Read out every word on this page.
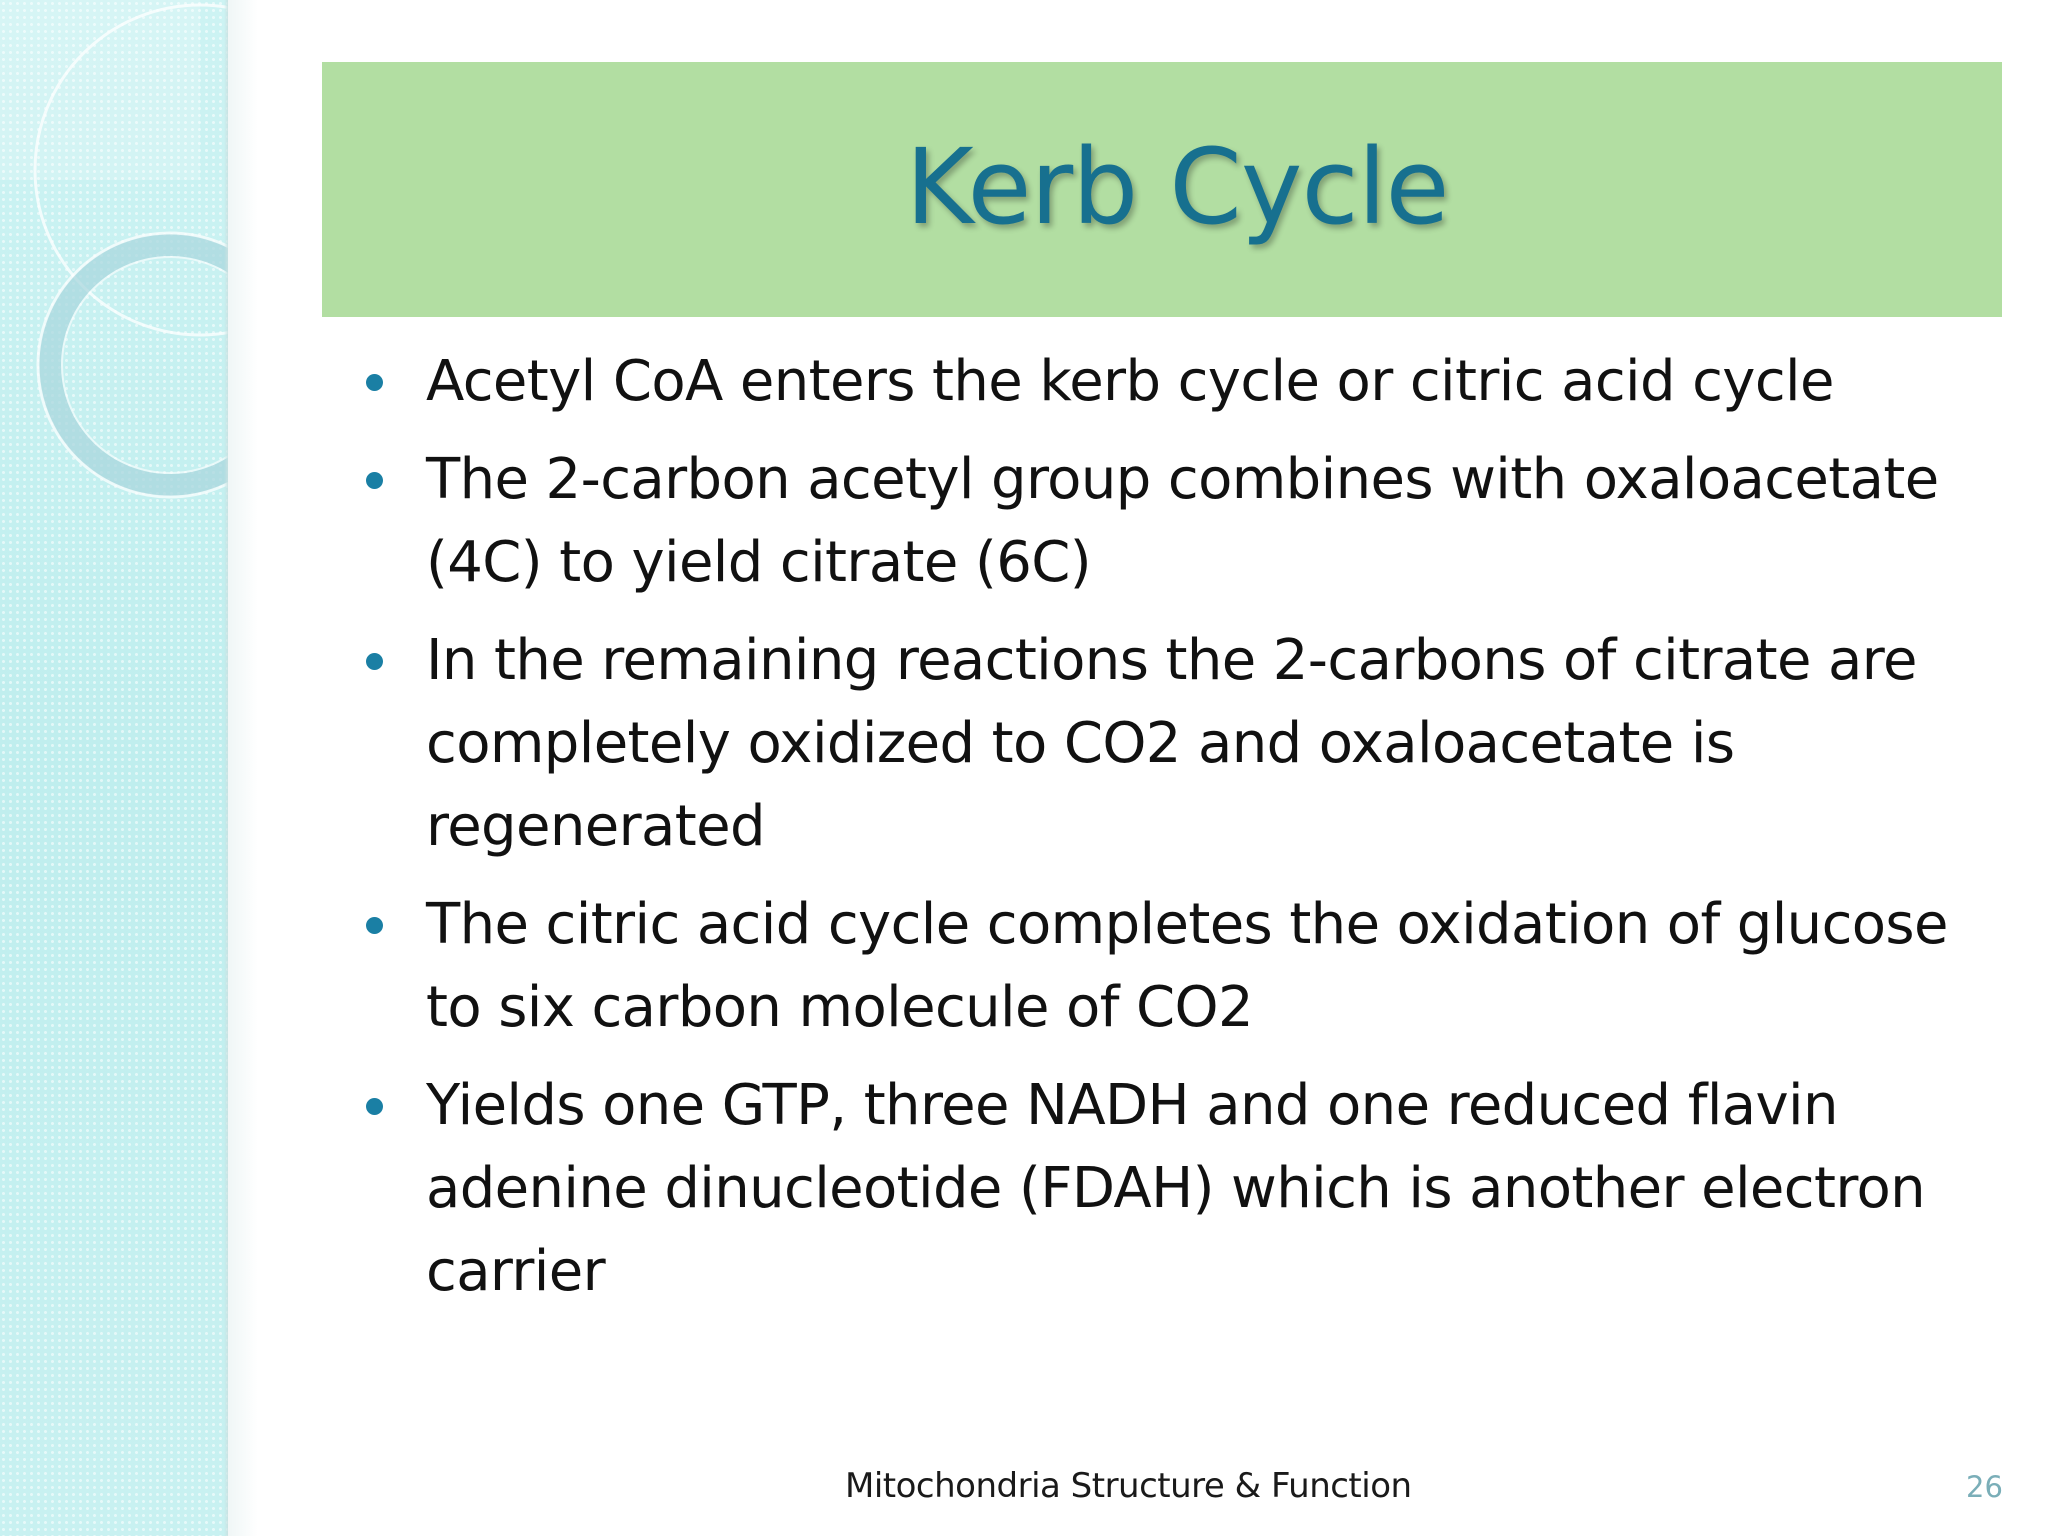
Kerb Cycle
Acetyl CoA enters the kerb cycle or citric acid cycle
The 2-carbon acetyl group combines with oxaloacetate (4C) to yield citrate (6C)
In the remaining reactions the 2-carbons of citrate are completely oxidized to CO2 and oxaloacetate is regenerated
The citric acid cycle completes the oxidation of glucose to six carbon molecule of CO2
Yields one GTP, three NADH and one reduced flavin adenine dinucleotide (FDAH) which is another electron carrier
Mitochondria Structure & Function	26
